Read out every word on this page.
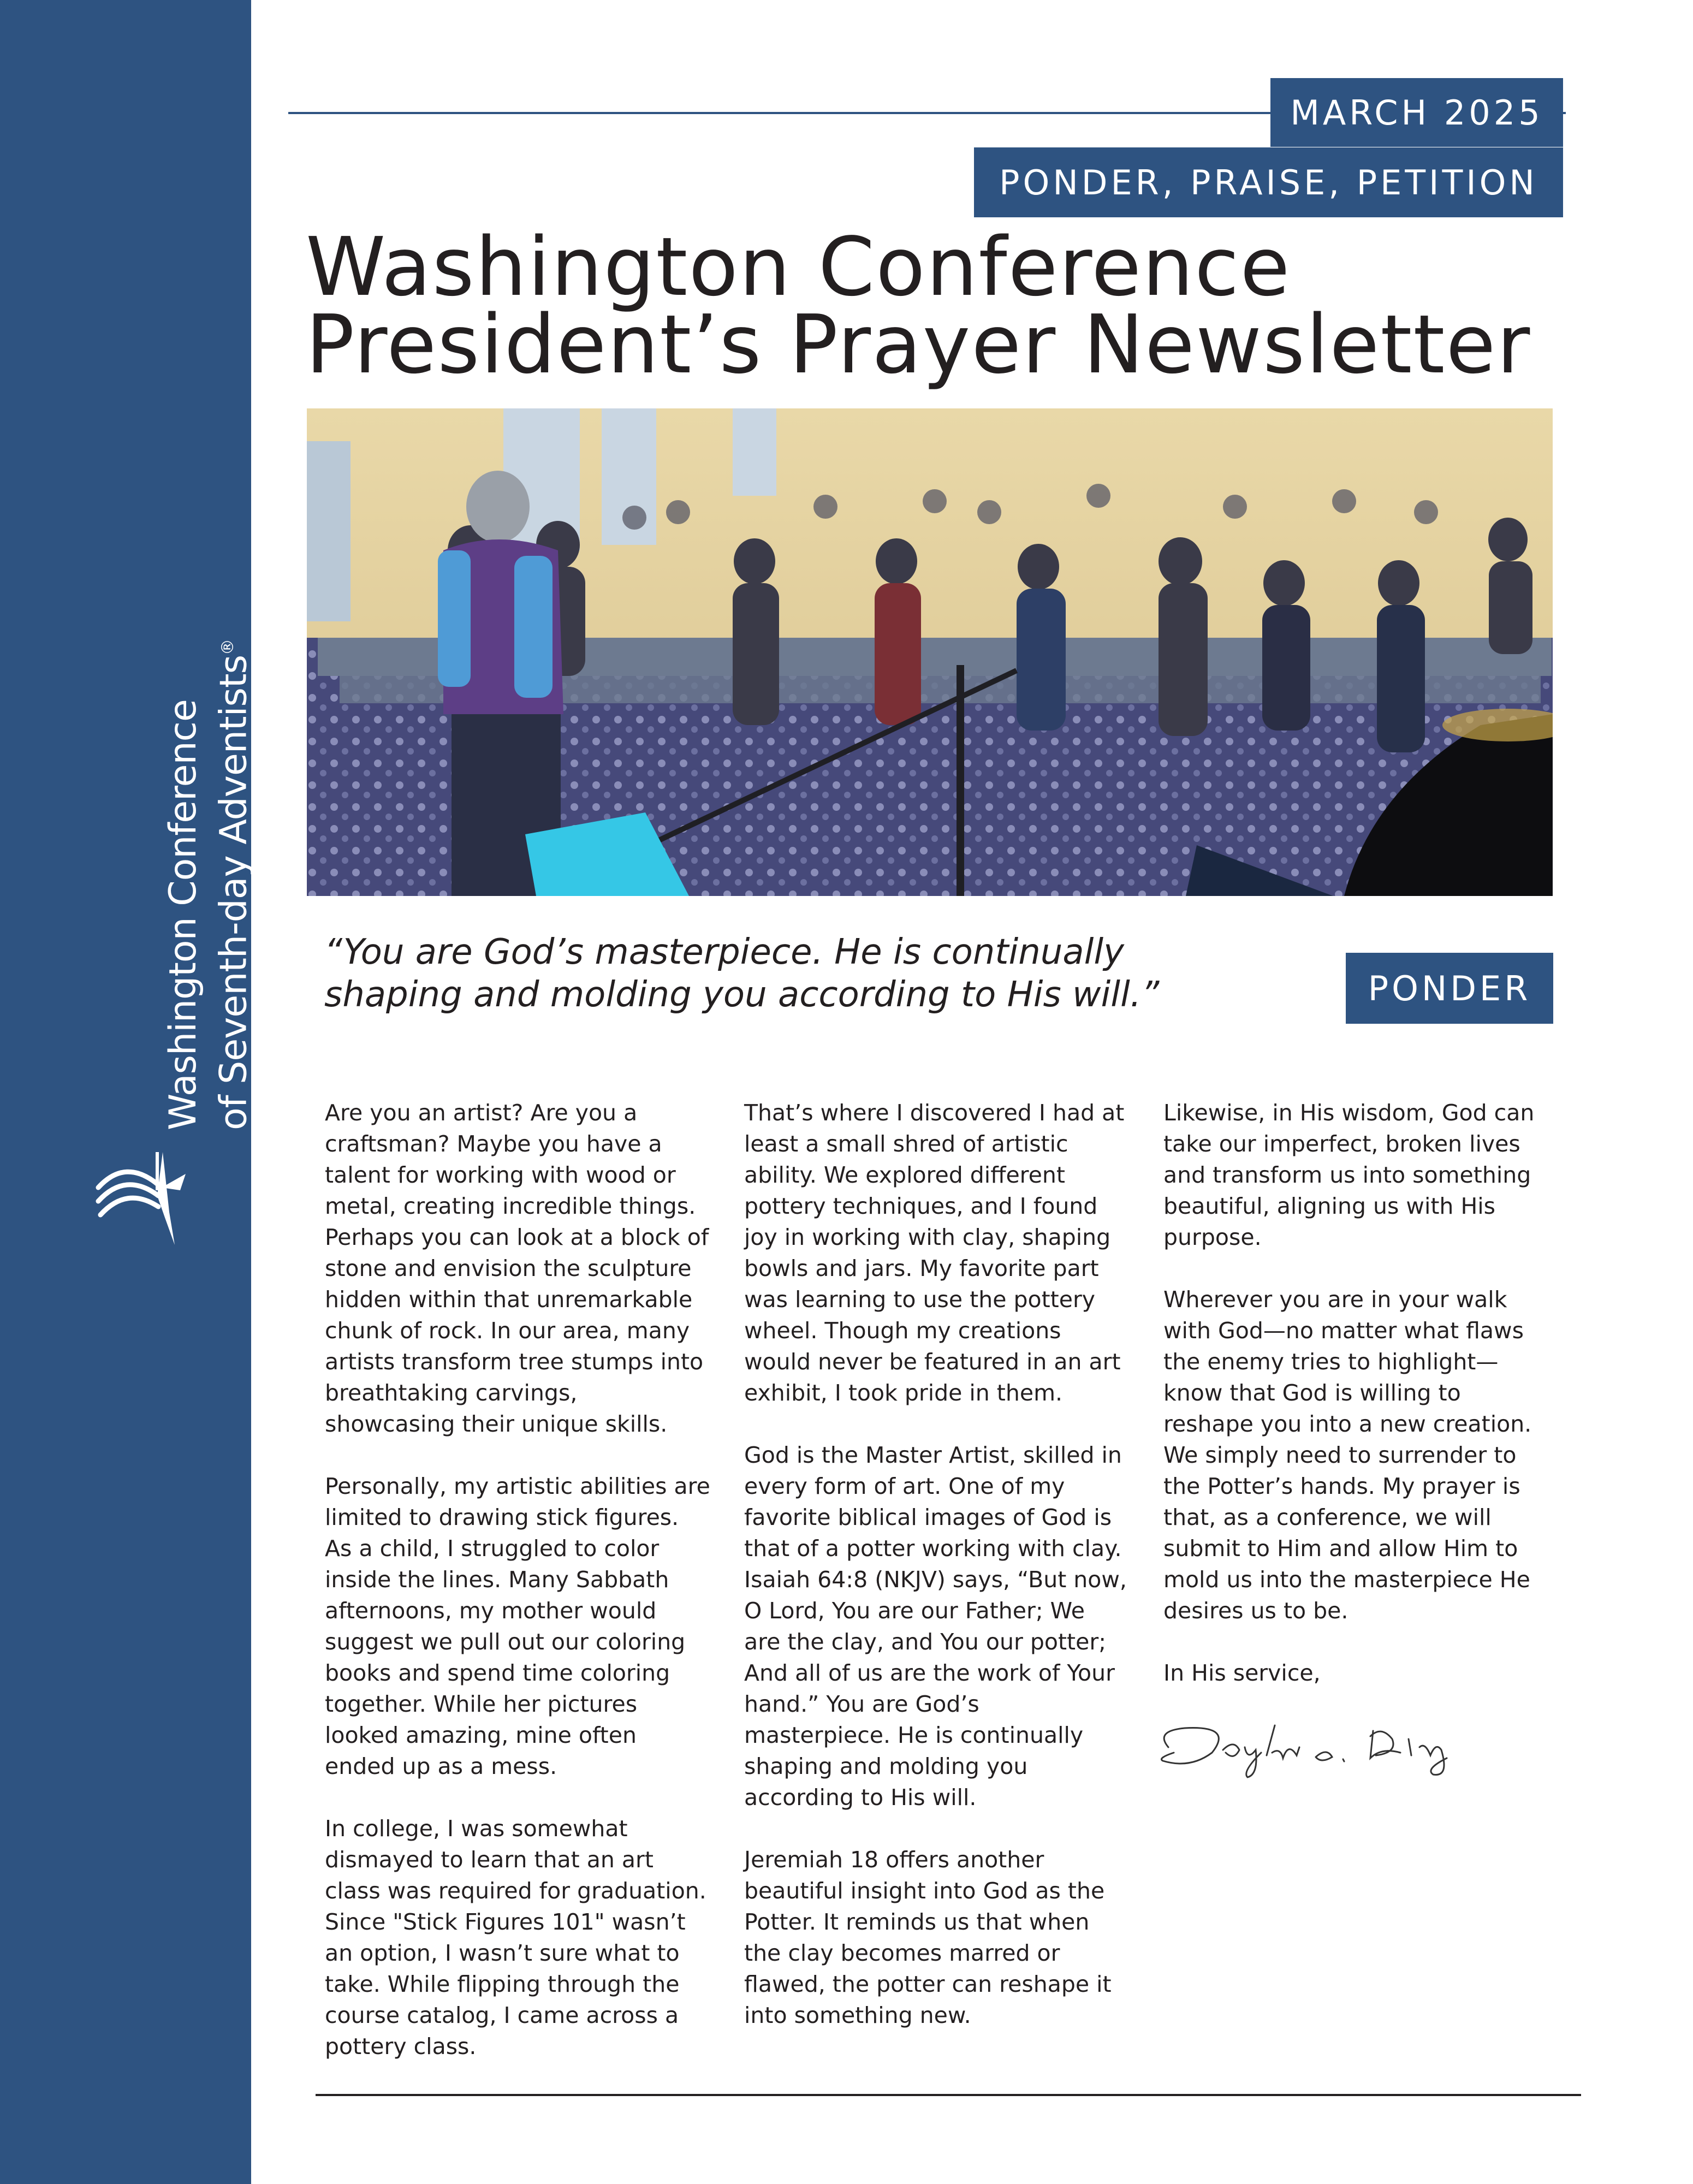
Washington Conference of Seventh-day Adventists®
MARCH 2025
PONDER, PRAISE, PETITION
Washington Conference
President’s Prayer Newsletter
“You are God’s masterpiece. He is continually
shaping and molding you according to His will.”	PONDER

Are you an artist? Are you a
craftsman? Maybe you have a
talent for working with wood or
metal, creating incredible things.
Perhaps you can look at a block of
stone and envision the sculpture
hidden within that unremarkable
chunk of rock. In our area, many
artists transform tree stumps into
breathtaking carvings,
showcasing their unique skills.

Personally, my artistic abilities are
limited to drawing stick figures.
As a child, I struggled to color
inside the lines. Many Sabbath
afternoons, my mother would
suggest we pull out our coloring
books and spend time coloring
together. While her pictures
looked amazing, mine often
ended up as a mess.

In college, I was somewhat
dismayed to learn that an art
class was required for graduation.
Since "Stick Figures 101" wasn’t
an option, I wasn’t sure what to
take. While flipping through the
course catalog, I came across a
pottery class.

That’s where I discovered I had at
least a small shred of artistic
ability. We explored different
pottery techniques, and I found
joy in working with clay, shaping
bowls and jars. My favorite part
was learning to use the pottery
wheel. Though my creations
would never be featured in an art
exhibit, I took pride in them.

God is the Master Artist, skilled in
every form of art. One of my
favorite biblical images of God is
that of a potter working with clay.
Isaiah 64:8 (NKJV) says, “But now,
O Lord, You are our Father; We
are the clay, and You our potter;
And all of us are the work of Your
hand.” You are God’s
masterpiece. He is continually
shaping and molding you
according to His will.

Jeremiah 18 offers another
beautiful insight into God as the
Potter. It reminds us that when
the clay becomes marred or
flawed, the potter can reshape it
into something new.

Likewise, in His wisdom, God can
take our imperfect, broken lives
and transform us into something
beautiful, aligning us with His
purpose.

Wherever you are in your walk
with God—no matter what flaws
the enemy tries to highlight—
know that God is willing to
reshape you into a new creation.
We simply need to surrender to
the Potter’s hands. My prayer is
that, as a conference, we will
submit to Him and allow Him to
mold us into the masterpiece He
desires us to be.

In His service,
